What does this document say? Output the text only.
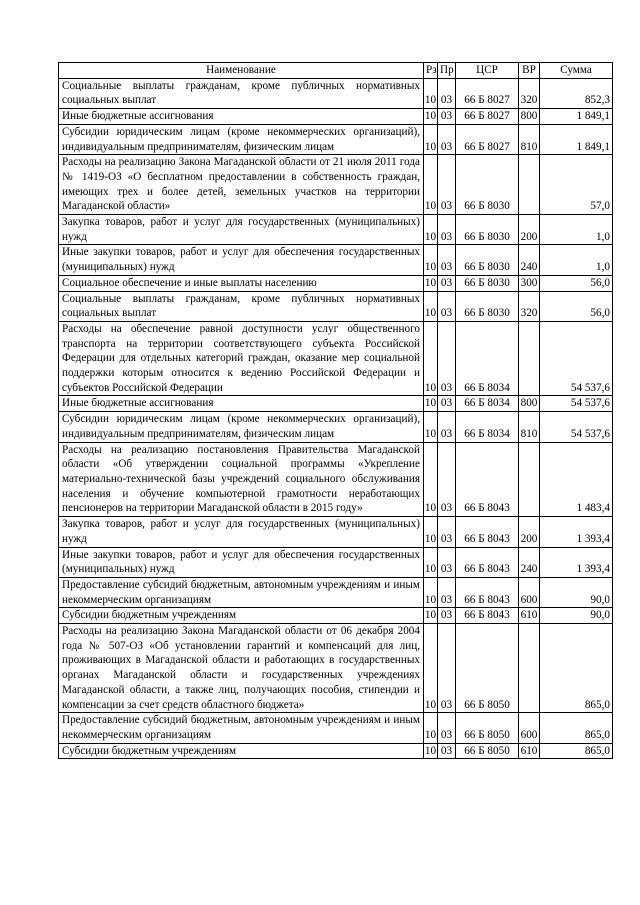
Наименование	Рз	Пр	ЦСР	ВР	Сумма
Социальные выплаты гражданам, кроме публичных нормативных социальных выплат	10	03	66 Б 8027	320	852,3
Иные бюджетные ассигнования	10	03	66 Б 8027	800	1 849,1
Субсидии юридическим лицам (кроме некоммерческих организаций), индивидуальным предпринимателям, физическим лицам	10	03	66 Б 8027	810	1 849,1
Расходы на реализацию Закона Магаданской области от 21 июля 2011 года № 1419-ОЗ «О бесплатном предоставлении в собственность граждан, имеющих трех и более детей, земельных участков на территории Магаданской области»	10	03	66 Б 8030		57,0
Закупка товаров, работ и услуг для государственных (муниципальных) нужд	10	03	66 Б 8030	200	1,0
Иные закупки товаров, работ и услуг для обеспечения государственных (муниципальных) нужд	10	03	66 Б 8030	240	1,0
Социальное обеспечение и иные выплаты населению	10	03	66 Б 8030	300	56,0
Социальные выплаты гражданам, кроме публичных нормативных социальных выплат	10	03	66 Б 8030	320	56,0
Расходы на обеспечение равной доступности услуг общественного транспорта на территории соответствующего субъекта Российской Федерации для отдельных категорий граждан, оказание мер социальной поддержки которым относится к ведению Российской Федерации и субъектов Российской Федерации	10	03	66 Б 8034		54 537,6
Иные бюджетные ассигнования	10	03	66 Б 8034	800	54 537,6
Субсидии юридическим лицам (кроме некоммерческих организаций), индивидуальным предпринимателям, физическим лицам	10	03	66 Б 8034	810	54 537,6
Расходы на реализацию постановления Правительства Магаданской области «Об утверждении социальной программы «Укрепление материально-технической базы учреждений социального обслуживания населения и обучение компьютерной грамотности неработающих пенсионеров на территории Магаданской области в 2015 году»	10	03	66 Б 8043		1 483,4
Закупка товаров, работ и услуг для государственных (муниципальных) нужд	10	03	66 Б 8043	200	1 393,4
Иные закупки товаров, работ и услуг для обеспечения государственных (муниципальных) нужд	10	03	66 Б 8043	240	1 393,4
Предоставление субсидий бюджетным, автономным учреждениям и иным некоммерческим организациям	10	03	66 Б 8043	600	90,0
Субсидии бюджетным учреждениям	10	03	66 Б 8043	610	90,0
Расходы на реализацию Закона Магаданской области от 06 декабря 2004 года № 507-ОЗ «Об установлении гарантий и компенсаций для лиц, проживающих в Магаданской области и работающих в государственных органах Магаданской области и государственных учреждениях Магаданской области, а также лиц, получающих пособия, стипендии и компенсации за счет средств областного бюджета»	10	03	66 Б 8050		865,0
Предоставление субсидий бюджетным, автономным учреждениям и иным некоммерческим организациям	10	03	66 Б 8050	600	865,0
Субсидии бюджетным учреждениям	10	03	66 Б 8050	610	865,0
